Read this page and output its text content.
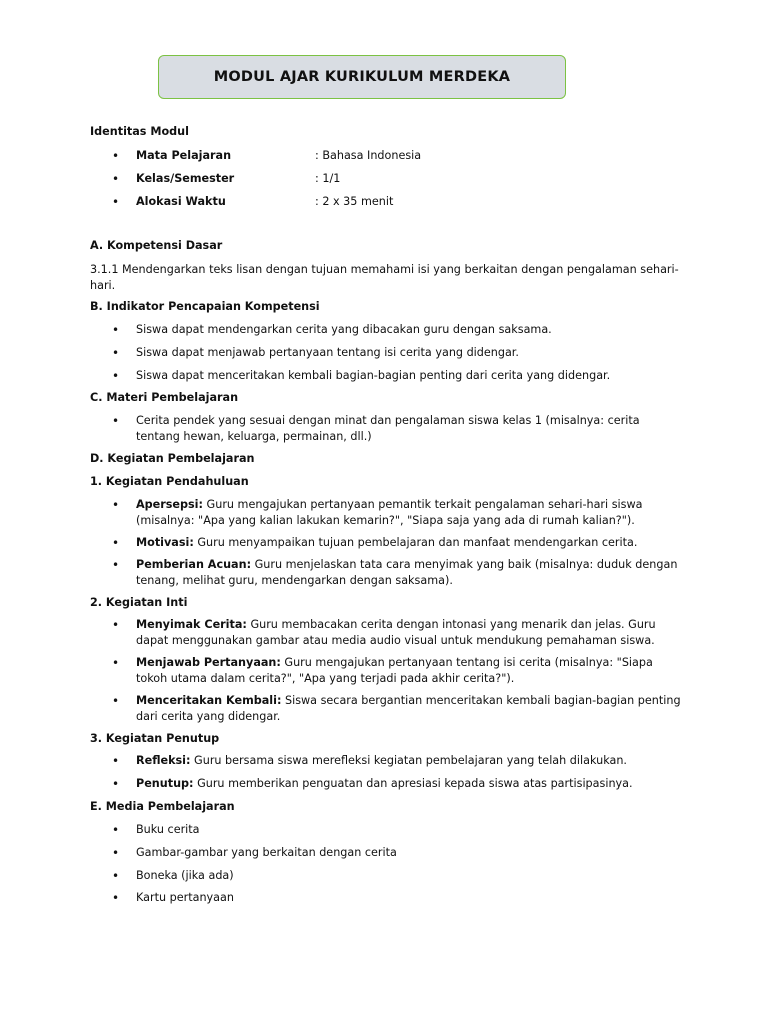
MODUL AJAR KURIKULUM MERDEKA
Identitas Modul
• Mata Pelajaran	: Bahasa Indonesia
• Kelas/Semester	: 1/1
• Alokasi Waktu	: 2 x 35 menit
A. Kompetensi Dasar
3.1.1 Mendengarkan teks lisan dengan tujuan memahami isi yang berkaitan dengan pengalaman sehari-hari.
B. Indikator Pencapaian Kompetensi
• Siswa dapat mendengarkan cerita yang dibacakan guru dengan saksama.
• Siswa dapat menjawab pertanyaan tentang isi cerita yang didengar.
• Siswa dapat menceritakan kembali bagian-bagian penting dari cerita yang didengar.
C. Materi Pembelajaran
• Cerita pendek yang sesuai dengan minat dan pengalaman siswa kelas 1 (misalnya: cerita tentang hewan, keluarga, permainan, dll.)
D. Kegiatan Pembelajaran
1. Kegiatan Pendahuluan
• Apersepsi: Guru mengajukan pertanyaan pemantik terkait pengalaman sehari-hari siswa (misalnya: "Apa yang kalian lakukan kemarin?", "Siapa saja yang ada di rumah kalian?").
• Motivasi: Guru menyampaikan tujuan pembelajaran dan manfaat mendengarkan cerita.
• Pemberian Acuan: Guru menjelaskan tata cara menyimak yang baik (misalnya: duduk dengan tenang, melihat guru, mendengarkan dengan saksama).
2. Kegiatan Inti
• Menyimak Cerita: Guru membacakan cerita dengan intonasi yang menarik dan jelas. Guru dapat menggunakan gambar atau media audio visual untuk mendukung pemahaman siswa.
• Menjawab Pertanyaan: Guru mengajukan pertanyaan tentang isi cerita (misalnya: "Siapa tokoh utama dalam cerita?", "Apa yang terjadi pada akhir cerita?").
• Menceritakan Kembali: Siswa secara bergantian menceritakan kembali bagian-bagian penting dari cerita yang didengar.
3. Kegiatan Penutup
• Refleksi: Guru bersama siswa merefleksi kegiatan pembelajaran yang telah dilakukan.
• Penutup: Guru memberikan penguatan dan apresiasi kepada siswa atas partisipasinya.
E. Media Pembelajaran
• Buku cerita
• Gambar-gambar yang berkaitan dengan cerita
• Boneka (jika ada)
• Kartu pertanyaan
